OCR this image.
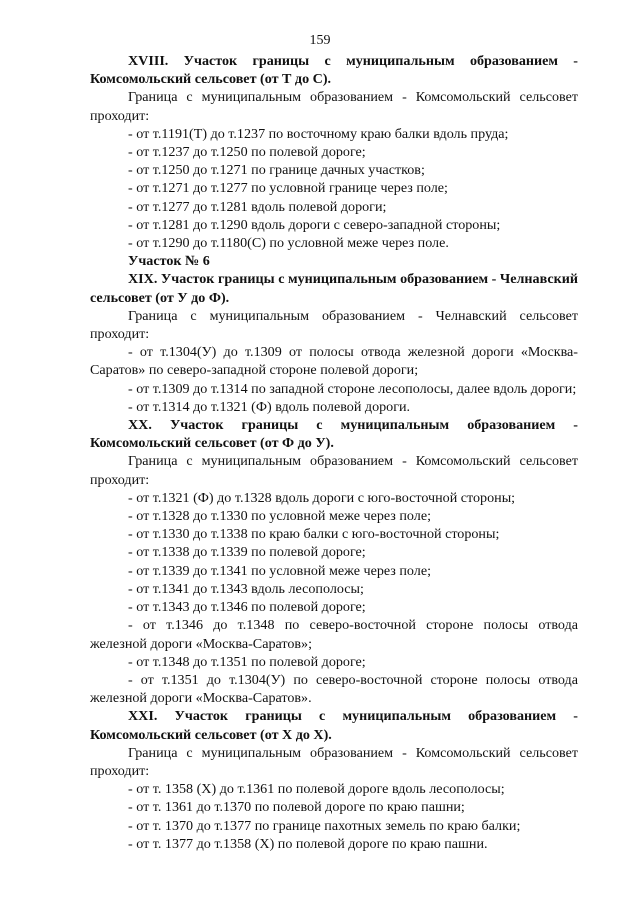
159

XVIII. Участок границы с муниципальным образованием - Комсомольский сельсовет (от Т до С).

Граница с муниципальным образованием - Комсомольский сельсовет проходит:

- от т.1191(Т) до т.1237 по восточному краю балки вдоль пруда;

- от т.1237 до т.1250 по полевой дороге;

- от т.1250 до т.1271 по границе дачных участков;

- от т.1271 до т.1277 по условной границе через поле;

- от т.1277 до т.1281 вдоль полевой дороги;

- от т.1281 до т.1290 вдоль дороги с северо-западной стороны;

- от т.1290 до т.1180(С) по условной меже через поле.

Участок № 6

XIX. Участок границы с муниципальным образованием - Челнавский сельсовет (от У до Ф).

Граница с муниципальным образованием - Челнавский сельсовет проходит:

- от т.1304(У) до т.1309 от полосы отвода железной дороги «Москва-Саратов» по северо-западной стороне полевой дороги;

- от т.1309 до т.1314 по западной стороне лесополосы, далее вдоль дороги;

- от т.1314 до т.1321 (Ф) вдоль полевой дороги.

XX. Участок границы с муниципальным образованием - Комсомольский сельсовет (от Ф до У).

Граница с муниципальным образованием - Комсомольский сельсовет проходит:

- от т.1321 (Ф) до т.1328 вдоль дороги с юго-восточной стороны;

- от т.1328 до т.1330 по условной меже через поле;

- от т.1330 до т.1338 по краю балки с юго-восточной стороны;

- от т.1338 до т.1339 по полевой дороге;

- от т.1339 до т.1341 по условной меже через поле;

- от т.1341 до т.1343 вдоль лесополосы;

- от т.1343 до т.1346 по полевой дороге;

- от т.1346 до т.1348 по северо-восточной стороне полосы отвода железной дороги «Москва-Саратов»;

- от т.1348 до т.1351 по полевой дороге;

- от т.1351 до т.1304(У) по северо-восточной стороне полосы отвода железной дороги «Москва-Саратов».

XXI. Участок границы с муниципальным образованием - Комсомольский сельсовет (от Х до Х).

Граница с муниципальным образованием - Комсомольский сельсовет проходит:

- от т. 1358 (Х) до т.1361 по полевой дороге вдоль лесополосы;

- от т. 1361 до т.1370 по полевой дороге по краю пашни;

- от т. 1370 до т.1377 по границе пахотных земель по краю балки;

- от т. 1377 до т.1358 (Х) по полевой дороге по краю пашни.
